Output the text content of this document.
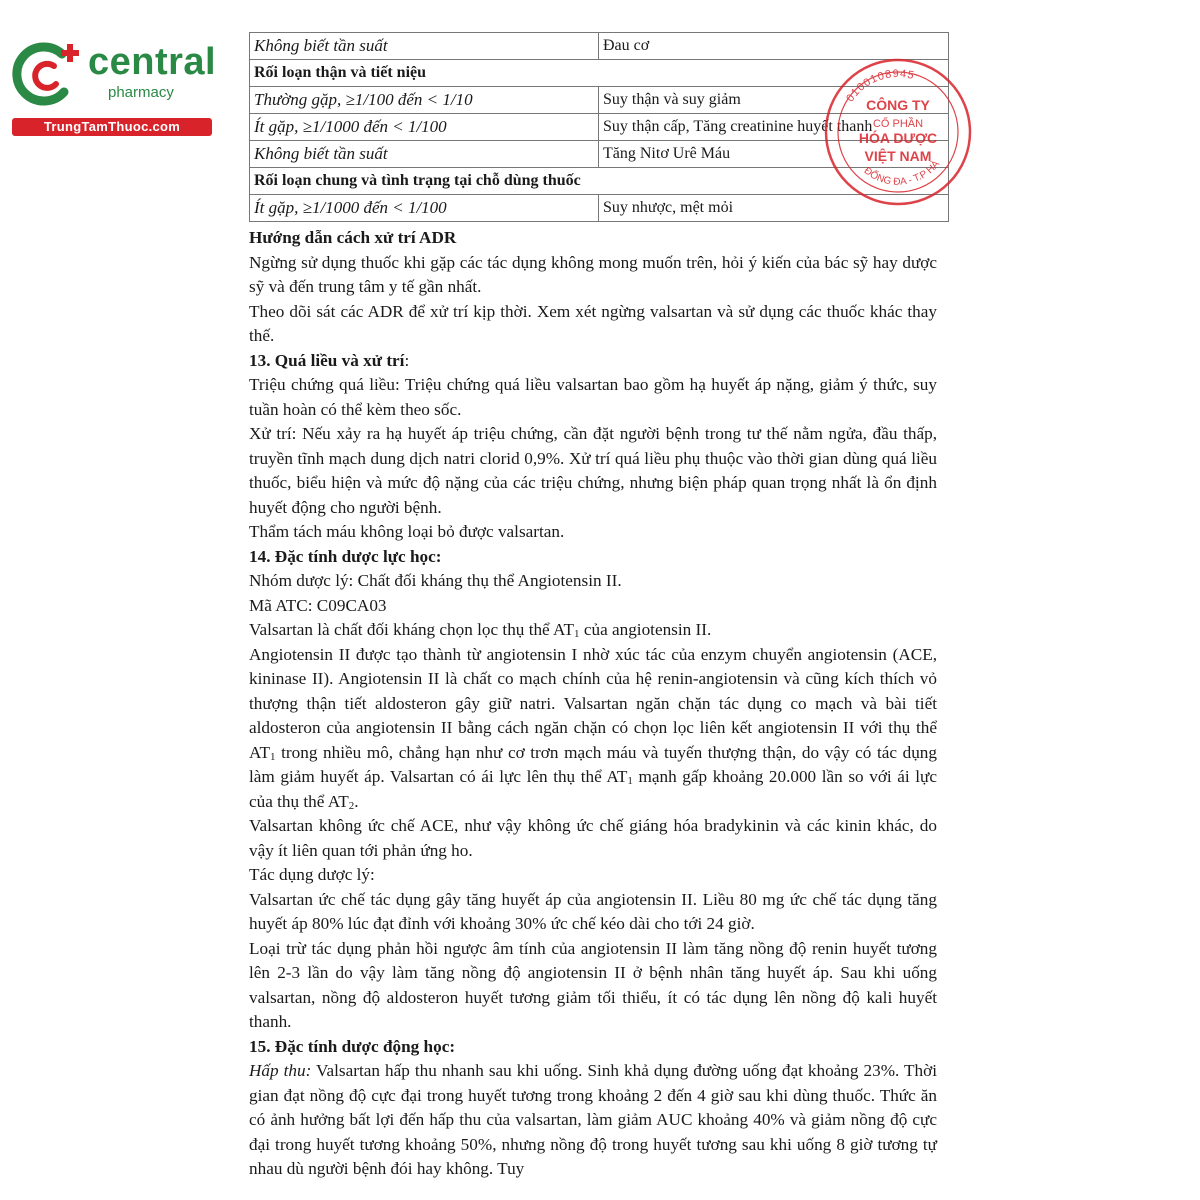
central
pharmacy
TrungTamThuoc.com
Không biết tần suất	Đau cơ
Rối loạn thận và tiết niệu	
Thường gặp, ≥1/100 đến < 1/10	Suy thận và suy giảm
Ít gặp, ≥1/1000 đến < 1/100	Suy thận cấp, Tăng creatinine huyết thanh
Không biết tần suất	Tăng Nitơ Urê Máu
Rối loạn chung và tình trạng tại chỗ dùng thuốc	
Ít gặp, ≥1/1000 đến < 1/100	Suy nhược, mệt mỏi
0100108945
CÔNG TY
CỔ PHẦN
HÓA DƯỢC
VIỆT NAM
ĐỐNG ĐA - T.P HÀ
Hướng dẫn cách xử trí ADR

Ngừng sử dụng thuốc khi gặp các tác dụng không mong muốn trên, hỏi ý kiến của bác sỹ hay dược sỹ và đến trung tâm y tế gần nhất.

Theo dõi sát các ADR để xử trí kịp thời. Xem xét ngừng valsartan và sử dụng các thuốc khác thay thế.

13. Quá liều và xử trí:

Triệu chứng quá liều: Triệu chứng quá liều valsartan bao gồm hạ huyết áp nặng, giảm ý thức, suy tuần hoàn có thể kèm theo sốc.

Xử trí: Nếu xảy ra hạ huyết áp triệu chứng, cần đặt người bệnh trong tư thế nằm ngửa, đầu thấp, truyền tĩnh mạch dung dịch natri clorid 0,9%. Xử trí quá liều phụ thuộc vào thời gian dùng quá liều thuốc, biểu hiện và mức độ nặng của các triệu chứng, nhưng biện pháp quan trọng nhất là ổn định huyết động cho người bệnh.

Thẩm tách máu không loại bỏ được valsartan.

14. Đặc tính dược lực học:

Nhóm dược lý: Chất đối kháng thụ thể Angiotensin II.

Mã ATC: C09CA03

Valsartan là chất đối kháng chọn lọc thụ thể $AT_1$ của angiotensin II.

Angiotensin II được tạo thành từ angiotensin I nhờ xúc tác của enzym chuyển angiotensin (ACE, kininase II). Angiotensin II là chất co mạch chính của hệ renin-angiotensin và cũng kích thích vỏ thượng thận tiết aldosteron gây giữ natri. Valsartan ngăn chặn tác dụng co mạch và bài tiết aldosteron của angiotensin II bằng cách ngăn chặn có chọn lọc liên kết angiotensin II với thụ thể $AT_1$ trong nhiều mô, chẳng hạn như cơ trơn mạch máu và tuyến thượng thận, do vậy có tác dụng làm giảm huyết áp. Valsartan có ái lực lên thụ thể $AT_1$ mạnh gấp khoảng 20.000 lần so với ái lực của thụ thể $AT_2$.

Valsartan không ức chế ACE, như vậy không ức chế giáng hóa bradykinin và các kinin khác, do vậy ít liên quan tới phản ứng ho.

Tác dụng dược lý:

Valsartan ức chế tác dụng gây tăng huyết áp của angiotensin II. Liều 80 mg ức chế tác dụng tăng huyết áp 80% lúc đạt đỉnh với khoảng 30% ức chế kéo dài cho tới 24 giờ.

Loại trừ tác dụng phản hồi ngược âm tính của angiotensin II làm tăng nồng độ renin huyết tương lên 2-3 lần do vậy làm tăng nồng độ angiotensin II ở bệnh nhân tăng huyết áp. Sau khi uống valsartan, nồng độ aldosteron huyết tương giảm tối thiểu, ít có tác dụng lên nồng độ kali huyết thanh.

15. Đặc tính dược động học:

Hấp thu: Valsartan hấp thu nhanh sau khi uống. Sinh khả dụng đường uống đạt khoảng 23%. Thời gian đạt nồng độ cực đại trong huyết tương trong khoảng 2 đến 4 giờ sau khi dùng thuốc. Thức ăn có ảnh hưởng bất lợi đến hấp thu của valsartan, làm giảm AUC khoảng 40% và giảm nồng độ cực đại trong huyết tương khoảng 50%, nhưng nồng độ trong huyết tương sau khi uống 8 giờ tương tự nhau dù người bệnh đói hay không. Tuy
